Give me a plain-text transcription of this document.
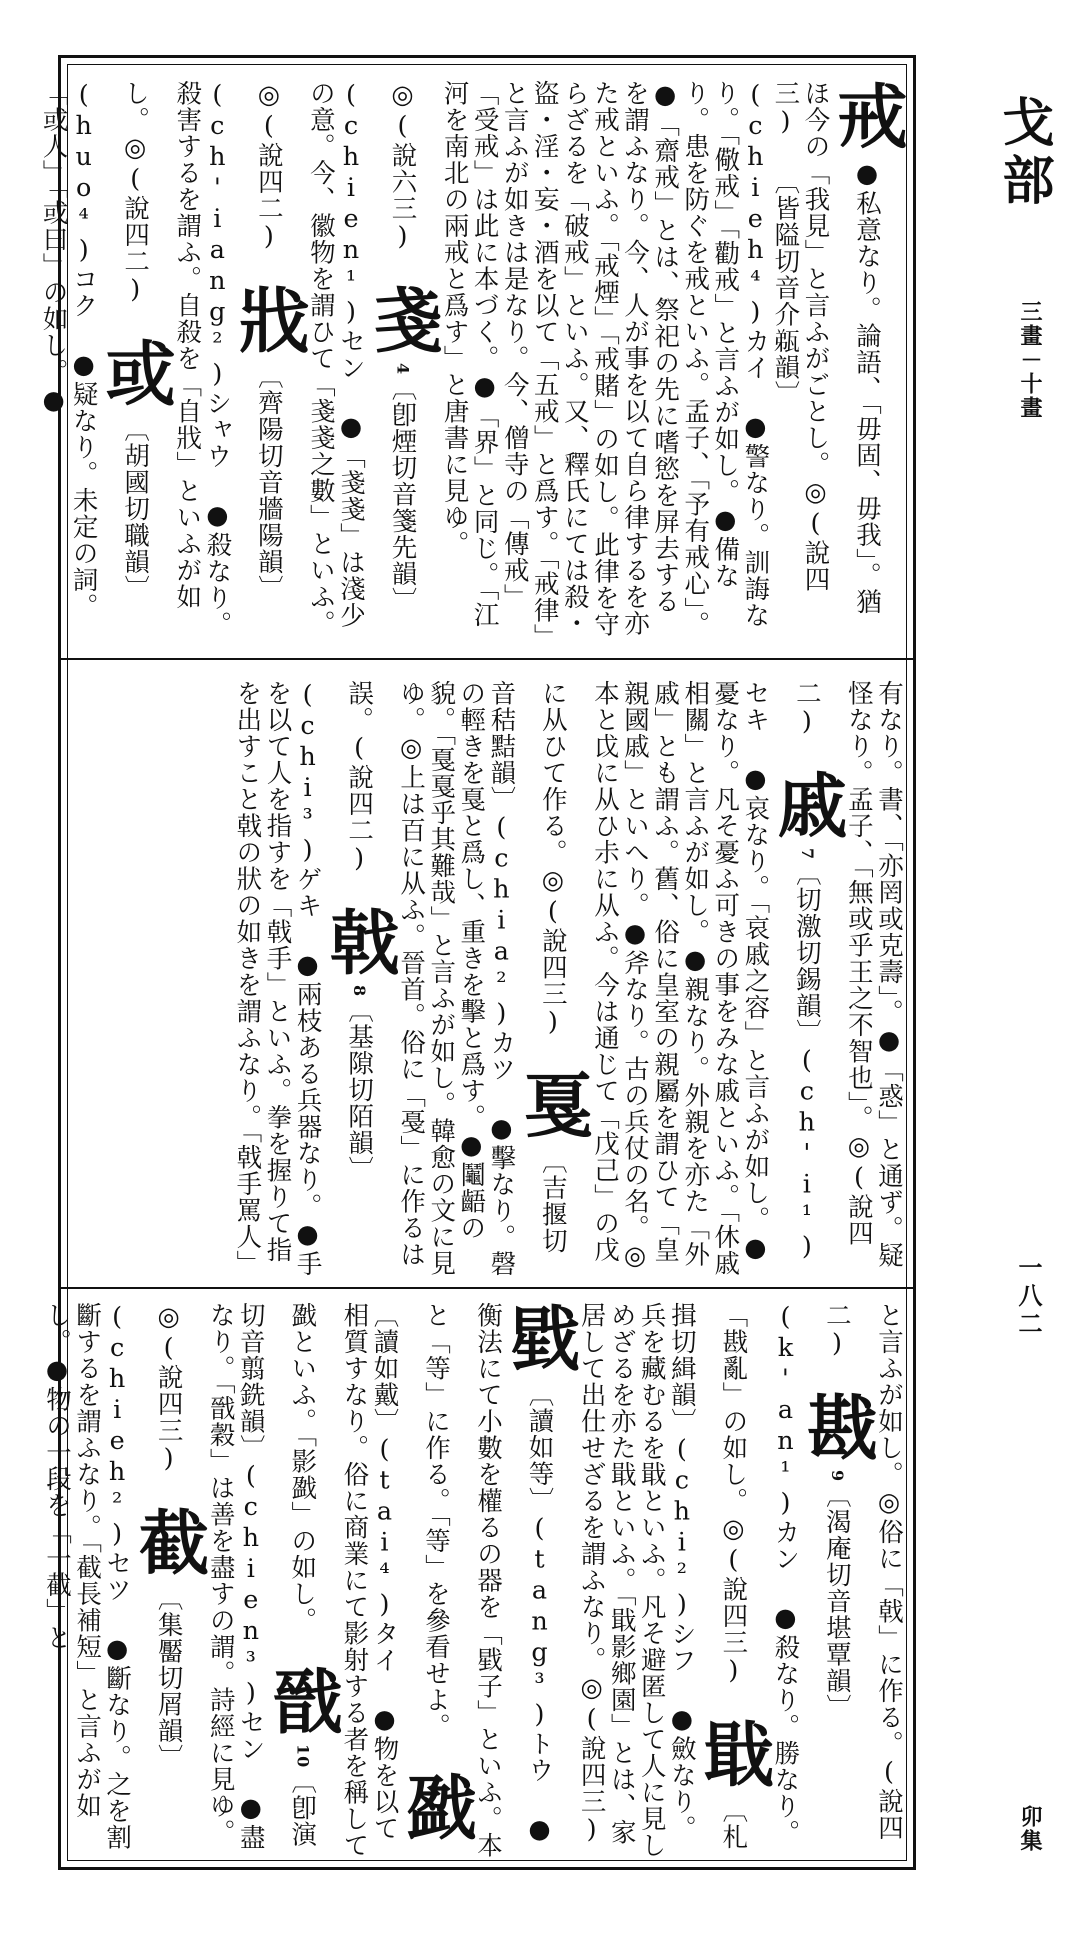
戈部
三畫－十畫
一八二
卯集
戒●私意なり。論語、「毋固、毋我」。猶ほ今の「我見」と言ふがごとし。◎(說四三) 〔皆隘切音介𤭌韻〕(chieh⁴)カイ ●警なり。訓誨なり。「儆戒」「勸戒」と言ふが如し。●備なり。患を防ぐを戒といふ。孟子、「予有戒心」。●「齋戒」とは、祭祀の先に嗜慾を屏去するを謂ふなり。今、人が事を以て自ら律するを亦た戒といふ。「戒煙」「戒賭」の如し。此律を守らざるを「破戒」といふ。又、釋氏にては殺・盜・淫・妄・酒を以て「五戒」と爲す。「戒律」と言ふが如きは是なり。今、僧寺の「傳戒」「受戒」は此に本づく。●「界」と同じ。「江河を南北の兩戒と爲す」と唐書に見ゆ。◎(說六三) 戔4〔卽煙切音箋先韻〕(chien¹)セン ●「戔戔」は淺少の意。今、徽物を謂ひて「戔戔之數」といふ。◎(說四二) 戕〔齊陽切音牆陽韻〕(ch'iang²)シャウ ●殺なり。殺害するを謂ふ。自殺を「自戕」といふが如し。◎(說四二) 或〔胡國切職韻〕(huo⁴)コク ●疑なり。未定の詞。「或人」「或曰」の如し。●
有なり。書、「亦罔或克壽」。●「惑」と通ず。疑怪なり。孟子、「無或乎王之不智也」。◎(說四二) 戚7〔切激切錫韻〕(ch'i¹)セキ ●哀なり。「哀戚之容」と言ふが如し。●憂なり。凡そ憂ふ可きの事をみな戚といふ。「休戚相關」と言ふが如し。●親なり。外親を亦た「外戚」とも謂ふ。舊、俗に皇室の親屬を謂ひて「皇親國戚」といへり。●斧なり。古の兵仗の名。◎本と戉に从ひ尗に从ふ。今は通じて「戊己」の戊に从ひて作る。◎(說四三) 戛〔吉揠切音秸黠韻〕(chia²)カツ ●擊なり。磬の輕きを戛と爲し、重きを擊と爲す。●鬮齬の貌。「戛戛乎其難哉」と言ふが如し。韓愈の文に見ゆ。◎上は百に从ふ。晉首。俗に「戞」に作るは誤。(說四二) 戟8〔基隙切陌韻〕(chi³)ゲキ ●兩枝ある兵器なり。●手を以て人を指すを「戟手」といふ。拳を握りて指を出すこと戟の狀の如きを謂ふなり。「戟手罵人」
と言ふが如し。◎俗に「戟」に作る。(說四二) 戡9〔渴庵切音堪覃韻〕(k'an¹)カン ●殺なり。勝なり。「戡亂」の如し。◎(說四三) 戢〔札揖切緝韻〕(chi²)シフ ●斂なり。兵を藏むるを戢といふ。凡そ避匿して人に見しめざるを亦た戢といふ。「戢影鄉園」とは、家居して出仕せざるを謂ふなり。◎(說四三) 戥〔讀如等〕(tang³)トウ ●衡法にて小數を權るの器を「戥子」といふ。本と「等」に作る。「等」を參看せよ。 戤〔讀如戴〕(tai⁴)タイ ●物を以て相質すなり。俗に商業にて影射する者を稱して戤といふ。「影戤」の如し。 戩10〔卽演切音翦銑韻〕(chien³)セン ●盡なり。「戩穀」は善を盡すの謂。詩經に見ゆ。◎(說四三) 截〔集靨切屑韻〕(chieh²)セツ ●斷なり。之を割斷するを謂ふなり。「截長補短」と言ふが如し。●物の一段を「一截」と
